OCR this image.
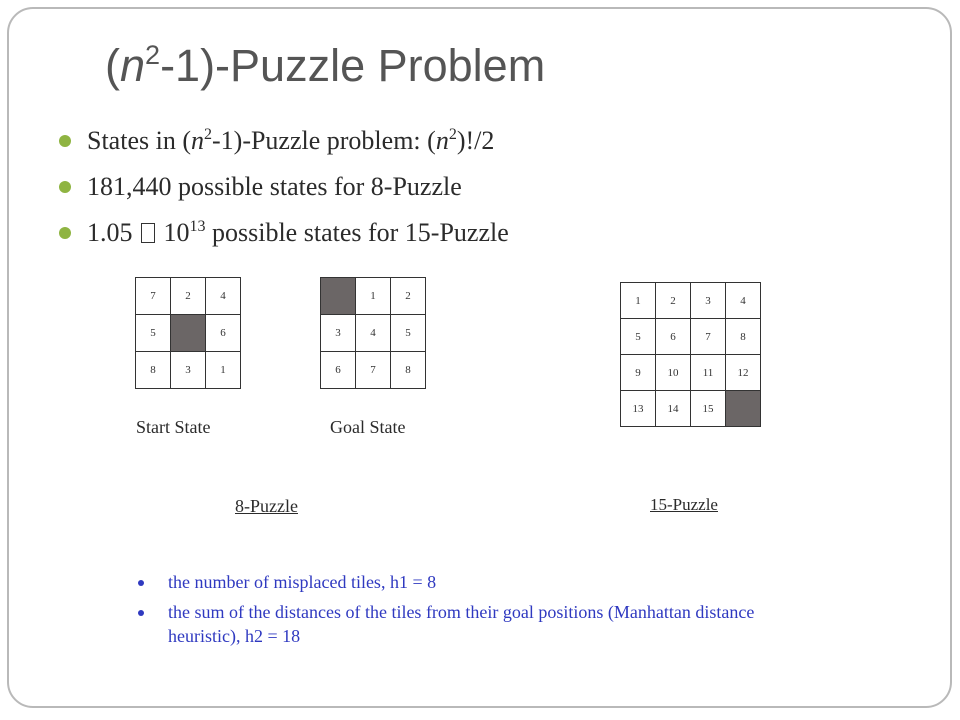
$(n^2-1)$-Puzzle Problem
States in $(n^2-1)$-Puzzle problem: $(n^2)!/2$
181,440 possible states for 8-Puzzle
1.05  $10^{13}$ possible states for 15-Puzzle
7	2	4
5		6
8	3	1
Start State
	1	2
3	4	5
6	7	8
Goal State
1	2	3	4
5	6	7	8
9	10	11	12
13	14	15	
8-Puzzle	15-Puzzle
the number of misplaced tiles, h1 = 8
the sum of the distances of the tiles from their goal positions (Manhattan distance heuristic), h2 = 18
